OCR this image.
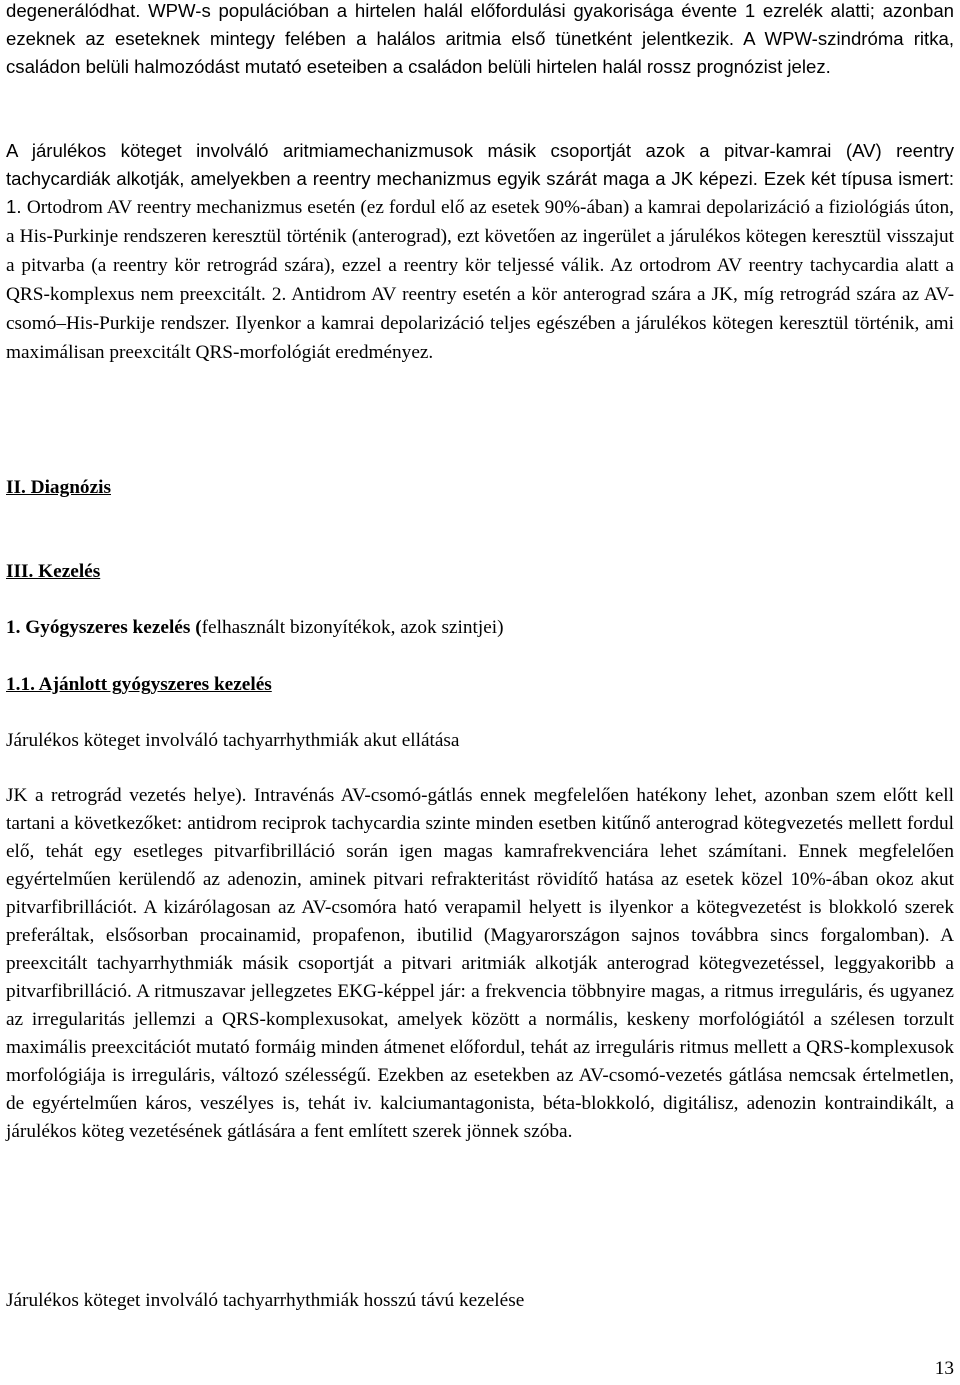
degenerálódhat. WPW-s populációban a hirtelen halál előfordulási gyakorisága évente 1 ezrelék alatti; azonban ezeknek az eseteknek mintegy felében a halálos aritmia első tünetként jelentkezik. A WPW-szindróma ritka, családon belüli halmozódást mutató eseteiben a családon belüli hirtelen halál rossz prognózist jelez.

A járulékos köteget involváló aritmiamechanizmusok másik csoportját azok a pitvar-kamrai (AV) reentry tachycardiák alkotják, amelyekben a reentry mechanizmus egyik szárát maga a JK képezi. Ezek két típusa ismert: 1. Ortodrom AV reentry mechanizmus esetén (ez fordul elő az esetek 90%-ában) a kamrai depolarizáció a fiziológiás úton, a His-Purkinje rendszeren keresztül történik (anterograd), ezt követően az ingerület a járulékos kötegen keresztül visszajut a pitvarba (a reentry kör retrográd szára), ezzel a reentry kör teljessé válik. Az ortodrom AV reentry tachycardia alatt a QRS-komplexus nem preexcitált. 2. Antidrom AV reentry esetén a kör anterograd szára a JK, míg retrográd szára az AV-csomó–His-Purkije rendszer. Ilyenkor a kamrai depolarizáció teljes egészében a járulékos kötegen keresztül történik, ami maximálisan preexcitált QRS-morfológiát eredményez.

II. Diagnózis

III. Kezelés

1. Gyógyszeres kezelés (felhasznált bizonyítékok, azok szintjei)

1.1. Ajánlott gyógyszeres kezelés

Járulékos köteget involváló tachyarrhythmiák akut ellátása

JK a retrográd vezetés helye). Intravénás AV-csomó-gátlás ennek megfelelően hatékony lehet, azonban szem előtt kell tartani a következőket: antidrom reciprok tachycardia szinte minden esetben kitűnő anterograd kötegvezetés mellett fordul elő, tehát egy esetleges pitvarfibrilláció során igen magas kamrafrekvenciára lehet számítani. Ennek megfelelően egyértelműen kerülendő az adenozin, aminek pitvari refrakteritást rövidítő hatása az esetek közel 10%-ában okoz akut pitvarfibrillációt. A kizárólagosan az AV-csomóra ható verapamil helyett is ilyenkor a kötegvezetést is blokkoló szerek preferáltak, elsősorban procainamid, propafenon, ibutilid (Magyarországon sajnos továbbra sincs forgalomban). A preexcitált tachyarrhythmiák másik csoportját a pitvari aritmiák alkotják anterograd kötegvezetéssel, leggyakoribb a pitvarfibrilláció. A ritmuszavar jellegzetes EKG-képpel jár: a frekvencia többnyire magas, a ritmus irreguláris, és ugyanez az irregularitás jellemzi a QRS-komplexusokat, amelyek között a normális, keskeny morfológiától a szélesen torzult maximális preexcitációt mutató formáig minden átmenet előfordul, tehát az irreguláris ritmus mellett a QRS-komplexusok morfológiája is irreguláris, változó szélességű. Ezekben az esetekben az AV-csomó-vezetés gátlása nemcsak értelmetlen, de egyértelműen káros, veszélyes is, tehát iv. kalciumantagonista, béta-blokkoló, digitálisz, adenozin kontraindikált, a járulékos köteg vezetésének gátlására a fent említett szerek jönnek szóba.

Járulékos köteget involváló tachyarrhythmiák hosszú távú kezelése

13
